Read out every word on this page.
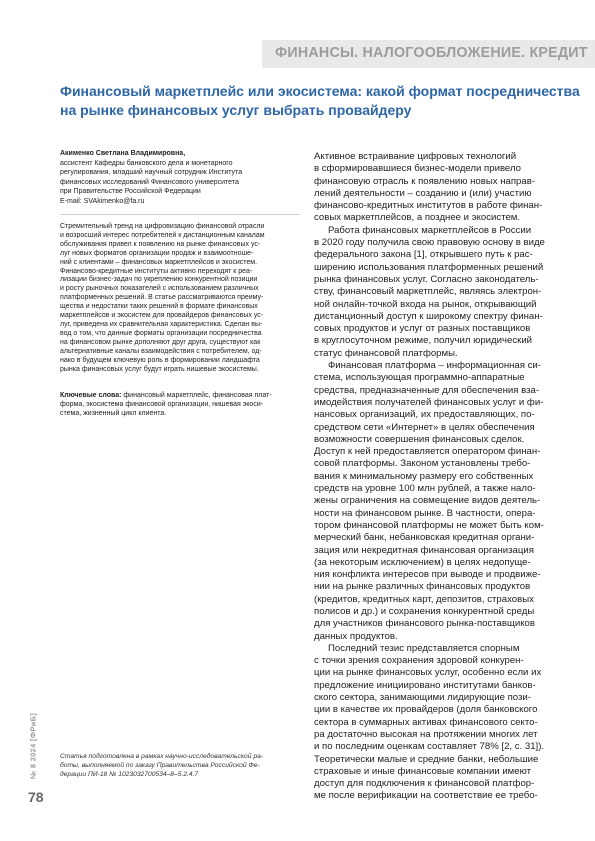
ФИНАНСЫ. НАЛОГООБЛОЖЕНИЕ. КРЕДИТ
Финансовый маркетплейс или экосистема: какой формат посредничества
на рынке финансовых услуг выбрать провайдеру
Акименко Светлана Владимировна,
ассистент Кафедры банковского дела и монетарного
регулирования, младший научный сотрудник Института
финансовых исследований Финансового университета
при Правительстве Российской Федерации
E-mail: SVAkimenko@fa.ru
Стремительный тренд на цифровизацию финансовой отрасли
и возросший интерес потребителей к дистанционным каналам
обслуживания привел к появлению на рынке финансовых ус-
луг новых форматов организации продаж и взаимоотноше-
ний с клиентами – финансовых маркетплейсов и экосистем.
Финансово-кредитные институты активно переходят к реа-
лизации бизнес-задач по укреплению конкурентной позиции
и росту рыночных показателей с использованием различных
платформенных решений. В статье рассматриваются преиму-
щества и недостатки таких решений в формате финансовых
маркетплейсов и экосистем для провайдеров финансовых ус-
луг, приведена их сравнительная характеристика. Сделан вы-
вод о том, что данные форматы организации посредничества
на финансовом рынке дополняют друг друга, существуют как
альтернативные каналы взаимодействия с потребителем, од-
нако в будущем ключевую роль в формировании ландшафта
рынка финансовых услуг будут играть нишевые экосистемы.
Ключевые слова: финансовый маркетплейс, финансовая плат-
форма, экосистема финансовой организации, нишевая экоси-
стема, жизненный цикл клиента.
Статья подготовлена в рамках научно-исследовательской ра-
боты, выполняемой по заказу Правительства Российской Фе-
дерации ПИ-18 № 1023032700534–8–5.2.4.7
Активное встраивание цифровых технологий
в сформировавшиеся бизнес-модели привело
финансовую отрасль к появлению новых направ-
лений деятельности – созданию и (или) участию
финансово-кредитных институтов в работе финан-
совых маркетплейсов, а позднее и экосистем.
Работа финансовых маркетплейсов в России
в 2020 году получила свою правовую основу в виде
федерального закона [1], открывшего путь к рас-
ширению использования платформенных решений
рынка финансовых услуг. Согласно законодатель-
ству, финансовый маркетплейс, являясь электрон-
ной онлайн-точкой входа на рынок, открывающий
дистанционный доступ к широкому спектру финан-
совых продуктов и услуг от разных поставщиков
в круглосуточном режиме, получил юридический
статус финансовой платформы.
Финансовая платформа – информационная си-
стема, использующая программно-аппаратные
средства, предназначенные для обеспечения вза-
имодействия получателей финансовых услуг и фи-
нансовых организаций, их предоставляющих, по-
средством сети «Интернет» в целях обеспечения
возможности совершения финансовых сделок.
Доступ к ней предоставляется оператором финан-
совой платформы. Законом установлены требо-
вания к минимальному размеру его собственных
средств на уровне 100 млн рублей, а также нало-
жены ограничения на совмещение видов деятель-
ности на финансовом рынке. В частности, опера-
тором финансовой платформы не может быть ком-
мерческий банк, небанковская кредитная органи-
зация или некредитная финансовая организация
(за некоторым исключением) в целях недопуще-
ния конфликта интересов при выводе и продвиже-
нии на рынке различных финансовых продуктов
(кредитов, кредитных карт, депозитов, страховых
полисов и др.) и сохранения конкурентной среды
для участников финансового рынка-поставщиков
данных продуктов.
Последний тезис представляется спорным
с точки зрения сохранения здоровой конкурен-
ции на рынке финансовых услуг, особенно если их
предложение инициировано институтами банков-
ского сектора, занимающими лидирующие пози-
ции в качестве их провайдеров (доля банковского
сектора в суммарных активах финансового секто-
ра достаточно высокая на протяжении многих лет
и по последним оценкам составляет 78% [2, с. 31]).
Теоретически малые и средние банки, небольшие
страховые и иные финансовые компании имеют
доступ для подключения к финансовой платфор-
ме после верификации на соответствие ее требо-
№ 8 2024 [ФРиБ]
78
